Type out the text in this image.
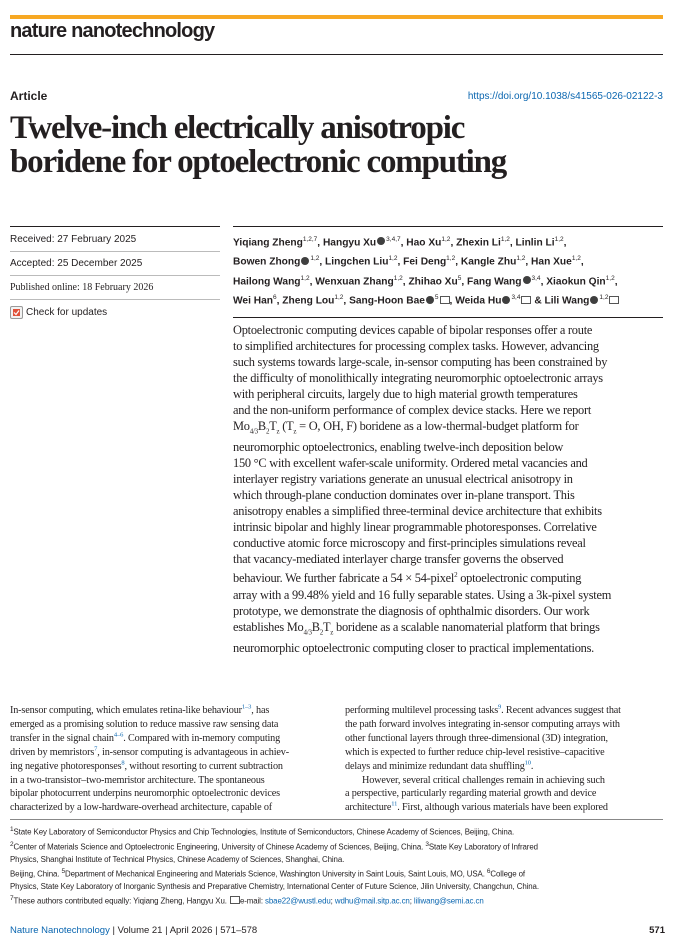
nature nanotechnology
Article	https://doi.org/10.1038/s41565-026-02122-3
Twelve-inch electrically anisotropic
boridene for optoelectronic computing
Received: 27 February 2025
Accepted: 25 December 2025
Published online: 18 February 2026
Check for updates
Yiqiang Zheng$^{1,2,7}$, Hangyu Xu $^{3,4,7}$, Hao Xu$^{1,2}$, Zhexin Li$^{1,2}$, Linlin Li$^{1,2}$,
Bowen Zhong $^{1,2}$, Lingchen Liu$^{1,2}$, Fei Deng$^{1,2}$, Kangle Zhu$^{1,2}$, Han Xue$^{1,2}$,
Hailong Wang$^{1,2}$, Wenxuan Zhang$^{1,2}$, Zhihao Xu$^5$, Fang Wang $^{3,4}$, Xiaokun Qin$^{1,2}$,
Wei Han$^6$, Zheng Lou$^{1,2}$, Sang-Hoon Bae $^5$ , Weida Hu $^{3,4}$ & Lili Wang $^{1,2}$
Optoelectronic computing devices capable of bipolar responses offer a route
to simplified architectures for processing complex tasks. However, advancing
such systems towards large-scale, in-sensor computing has been constrained by
the difficulty of monolithically integrating neuromorphic optoelectronic arrays
with peripheral circuits, largely due to high material growth temperatures
and the non-uniform performance of complex device stacks. Here we report
$Mo_{4/3}B_2T_z$ ($T_z = O$, OH, F) boridene as a low-thermal-budget platform for
neuromorphic optoelectronics, enabling twelve-inch deposition below
150 °C with excellent wafer-scale uniformity. Ordered metal vacancies and
interlayer registry variations generate an unusual electrical anisotropy in
which through-plane conduction dominates over in-plane transport. This
anisotropy enables a simplified three-terminal device architecture that exhibits
intrinsic bipolar and highly linear programmable photoresponses. Correlative
conductive atomic force microscopy and first-principles simulations reveal
that vacancy-mediated interlayer charge transfer governs the observed
behaviour. We further fabricate a 54 × 54-pixel$^2$ optoelectronic computing
array with a 99.48% yield and 16 fully separable states. Using a 3k-pixel system
prototype, we demonstrate the diagnosis of ophthalmic disorders. Our work
establishes $Mo_{4/3}B_2T_z$ boridene as a scalable nanomaterial platform that brings
neuromorphic optoelectronic computing closer to practical implementations.
In-sensor computing, which emulates retina-like behaviour$^{1-3}$, has
emerged as a promising solution to reduce massive raw sensing data
transfer in the signal chain$^{4-6}$. Compared with in-memory computing
driven by memristors$^7$, in-sensor computing is advantageous in achiev-
ing negative photoresponses$^8$, without resorting to current subtraction
in a two-transistor–two-memristor architecture. The spontaneous
bipolar photocurrent underpins neuromorphic optoelectronic devices
characterized by a low-hardware-overhead architecture, capable of
performing multilevel processing tasks$^9$. Recent advances suggest that
the path forward involves integrating in-sensor computing arrays with
other functional layers through three-dimensional (3D) integration,
which is expected to further reduce chip-level resistive–capacitive
delays and minimize redundant data shuffling$^{10}$.
However, several critical challenges remain in achieving such
a perspective, particularly regarding material growth and device
architecture$^{11}$. First, although various materials have been explored
$^1$State Key Laboratory of Semiconductor Physics and Chip Technologies, Institute of Semiconductors, Chinese Academy of Sciences, Beijing, China.
$^2$Center of Materials Science and Optoelectronic Engineering, University of Chinese Academy of Sciences, Beijing, China. $^3$State Key Laboratory of Infrared
Physics, Shanghai Institute of Technical Physics, Chinese Academy of Sciences, Shanghai, China.
Beijing, China. $^5$Department of Mechanical Engineering and Materials Science, Washington University in Saint Louis, Saint Louis, MO, USA. $^6$College of
Physics, State Key Laboratory of Inorganic Synthesis and Preparative Chemistry, International Center of Future Science, Jilin University, Changchun, China.
$^7$These authors contributed equally: Yiqiang Zheng, Hangyu Xu. e-mail: sbae22@wustl.edu; wdhu@mail.sitp.ac.cn; liliwang@semi.ac.cn
Nature Nanotechnology | Volume 21 | April 2026 | 571–578	571
